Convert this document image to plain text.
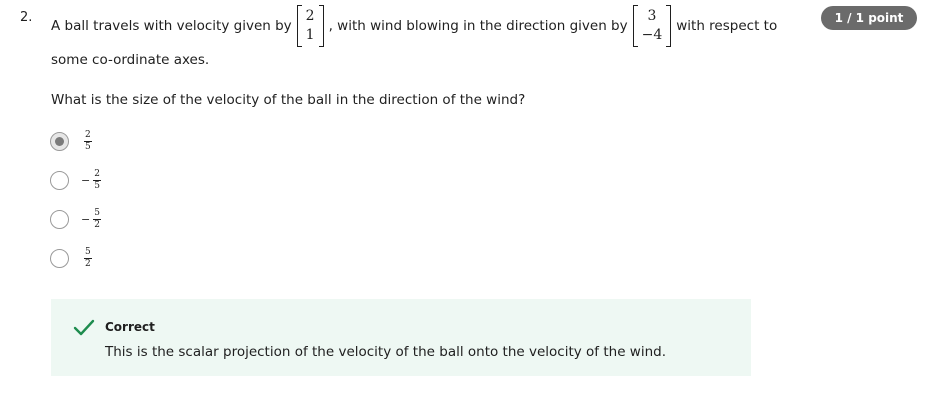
2.	1 / 1 point
A ball travels with velocity given by
2
1
, with wind blowing in the direction given by
3
−4
with respect to
some co-ordinate axes.
What is the size of the velocity of the ball in the direction of the wind?
$\frac{2}{5}$
− $\frac{2}{5}$
− $\frac{5}{2}$
$\frac{5}{2}$
Correct
This is the scalar projection of the velocity of the ball onto the velocity of the wind.
